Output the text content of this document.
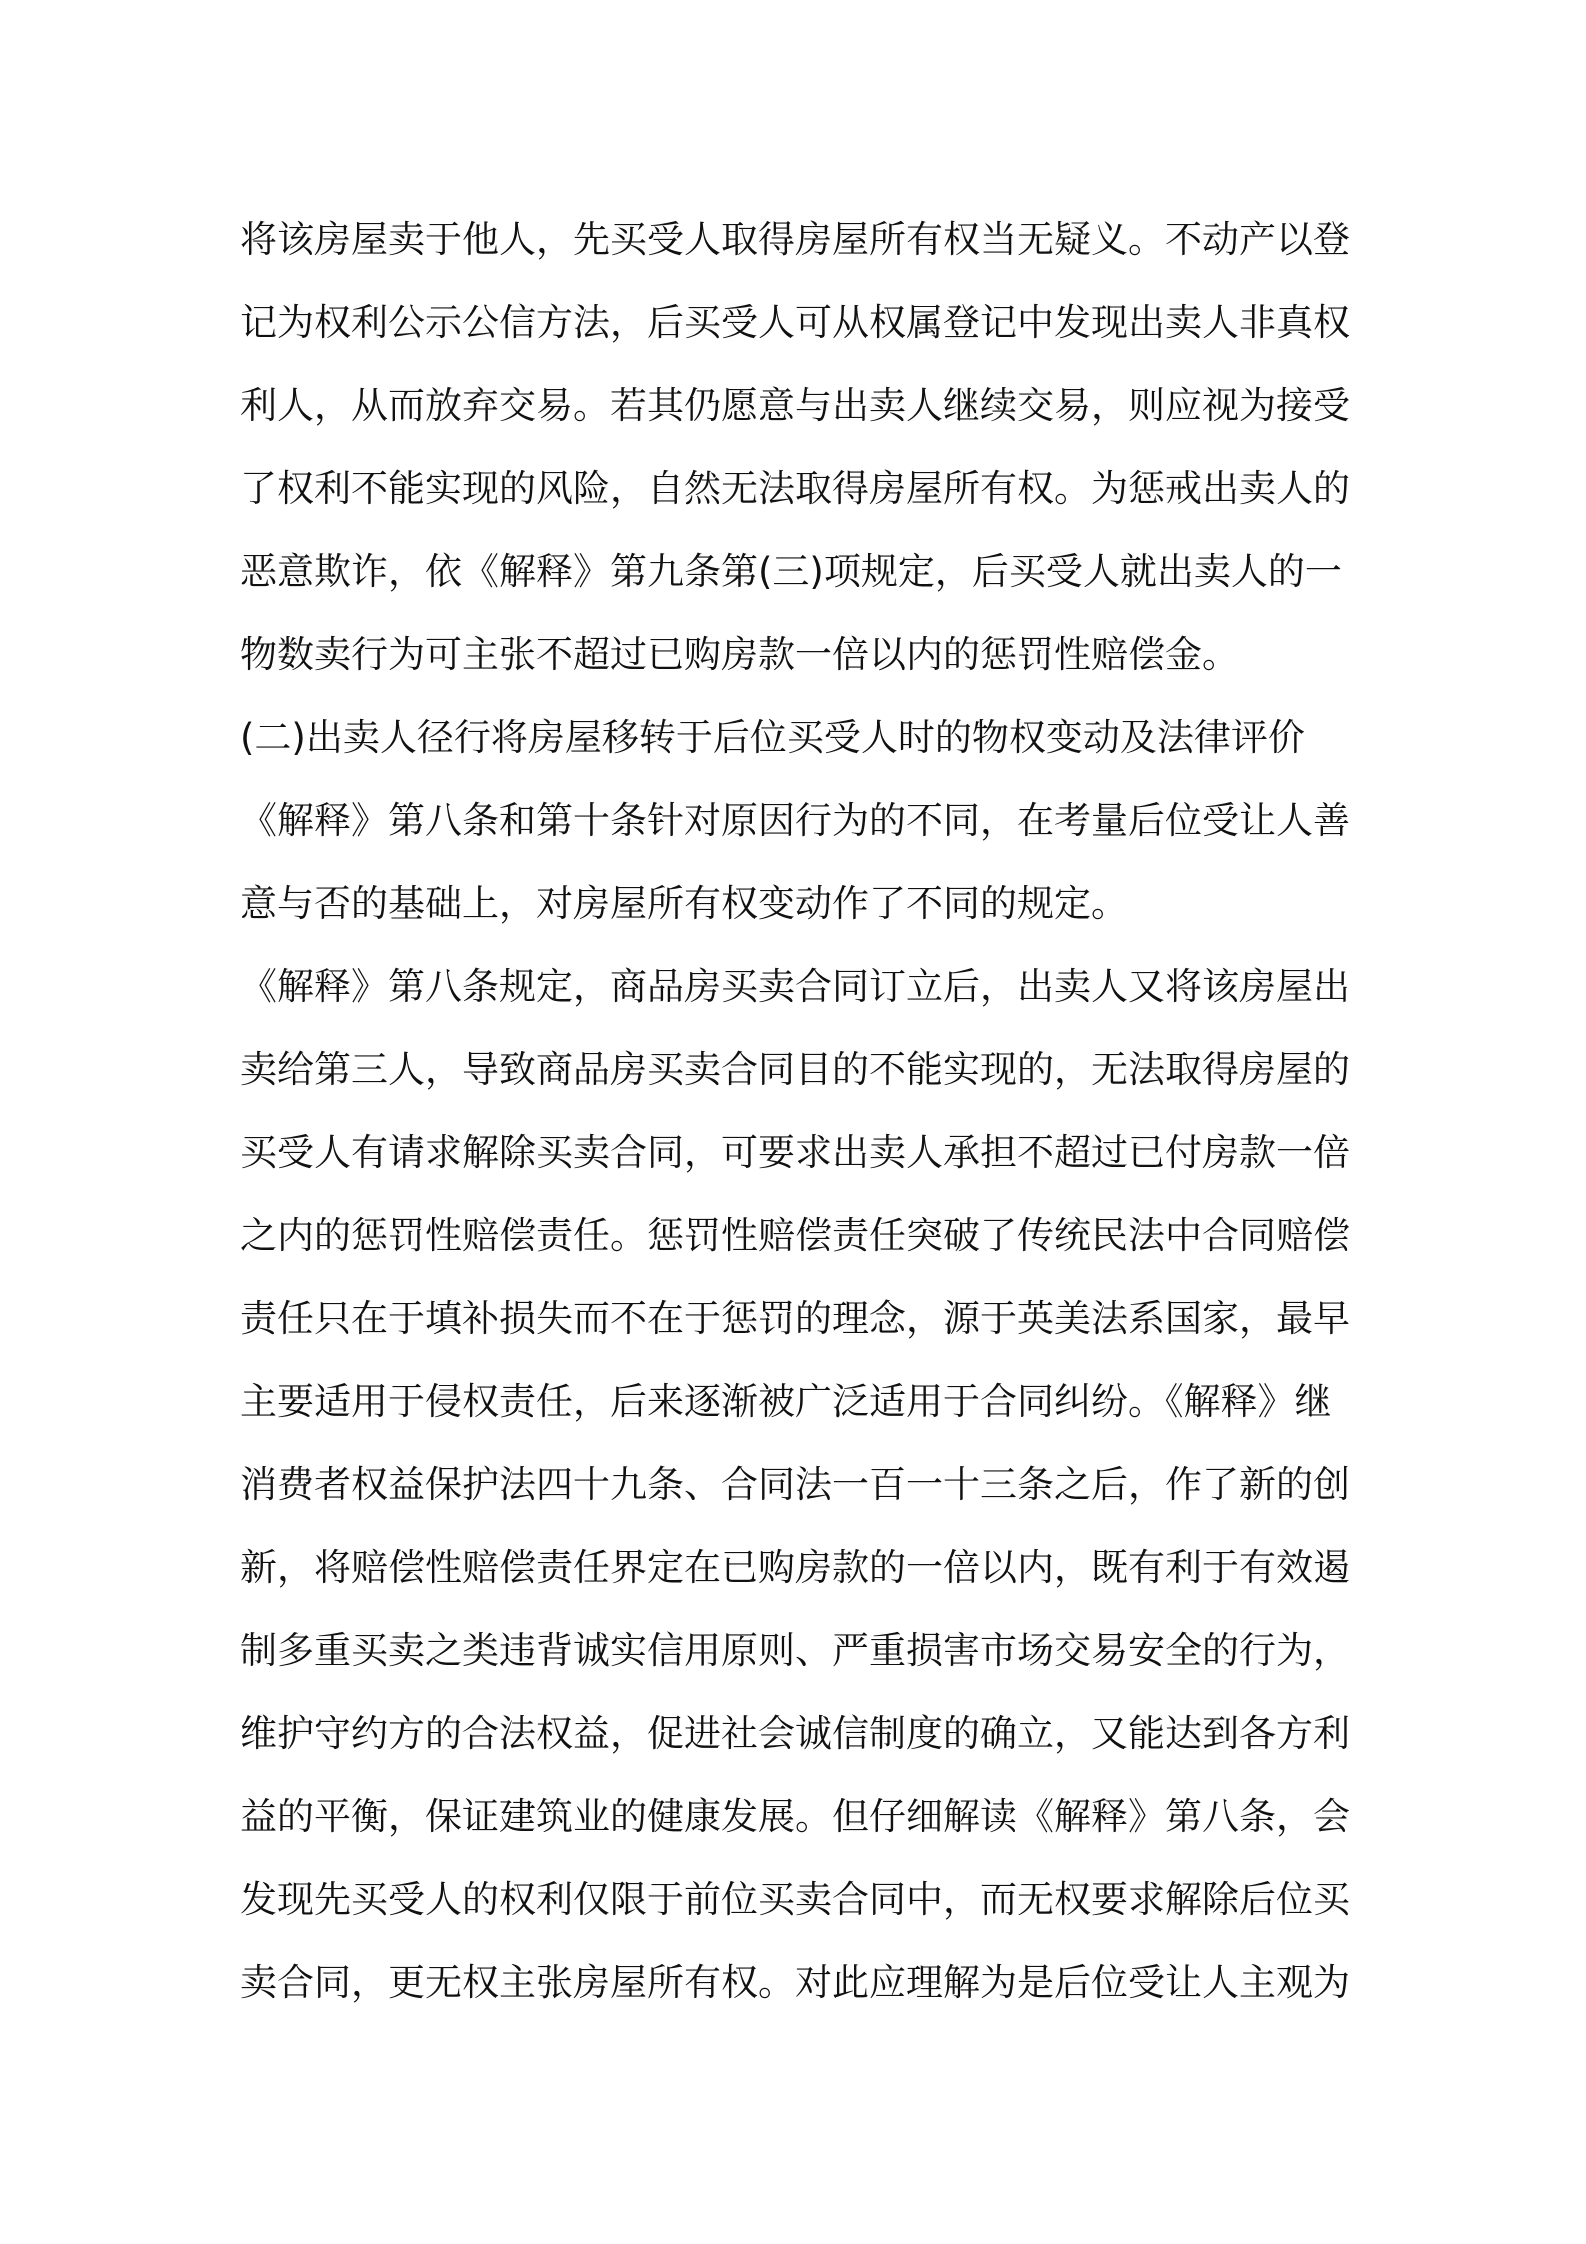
将该房屋卖于他人，先买受人取得房屋所有权当无疑义。不动产以登
记为权利公示公信方法，后买受人可从权属登记中发现出卖人非真权
利人，从而放弃交易。若其仍愿意与出卖人继续交易，则应视为接受
了权利不能实现的风险，自然无法取得房屋所有权。为惩戒出卖人的
恶意欺诈，依《解释》第九条第(三)项规定，后买受人就出卖人的一
物数卖行为可主张不超过已购房款一倍以内的惩罚性赔偿金。
(二)出卖人径行将房屋移转于后位买受人时的物权变动及法律评价
《解释》第八条和第十条针对原因行为的不同，在考量后位受让人善
意与否的基础上，对房屋所有权变动作了不同的规定。
《解释》第八条规定，商品房买卖合同订立后，出卖人又将该房屋出
卖给第三人，导致商品房买卖合同目的不能实现的，无法取得房屋的
买受人有请求解除买卖合同，可要求出卖人承担不超过已付房款一倍
之内的惩罚性赔偿责任。惩罚性赔偿责任突破了传统民法中合同赔偿
责任只在于填补损失而不在于惩罚的理念，源于英美法系国家，最早
主要适用于侵权责任，后来逐渐被广泛适用于合同纠纷。《解释》继
消费者权益保护法四十九条、合同法一百一十三条之后，作了新的创
新，将赔偿性赔偿责任界定在已购房款的一倍以内，既有利于有效遏
制多重买卖之类违背诚实信用原则、严重损害市场交易安全的行为，
维护守约方的合法权益，促进社会诚信制度的确立，又能达到各方利
益的平衡，保证建筑业的健康发展。但仔细解读《解释》第八条，会
发现先买受人的权利仅限于前位买卖合同中，而无权要求解除后位买
卖合同，更无权主张房屋所有权。对此应理解为是后位受让人主观为
